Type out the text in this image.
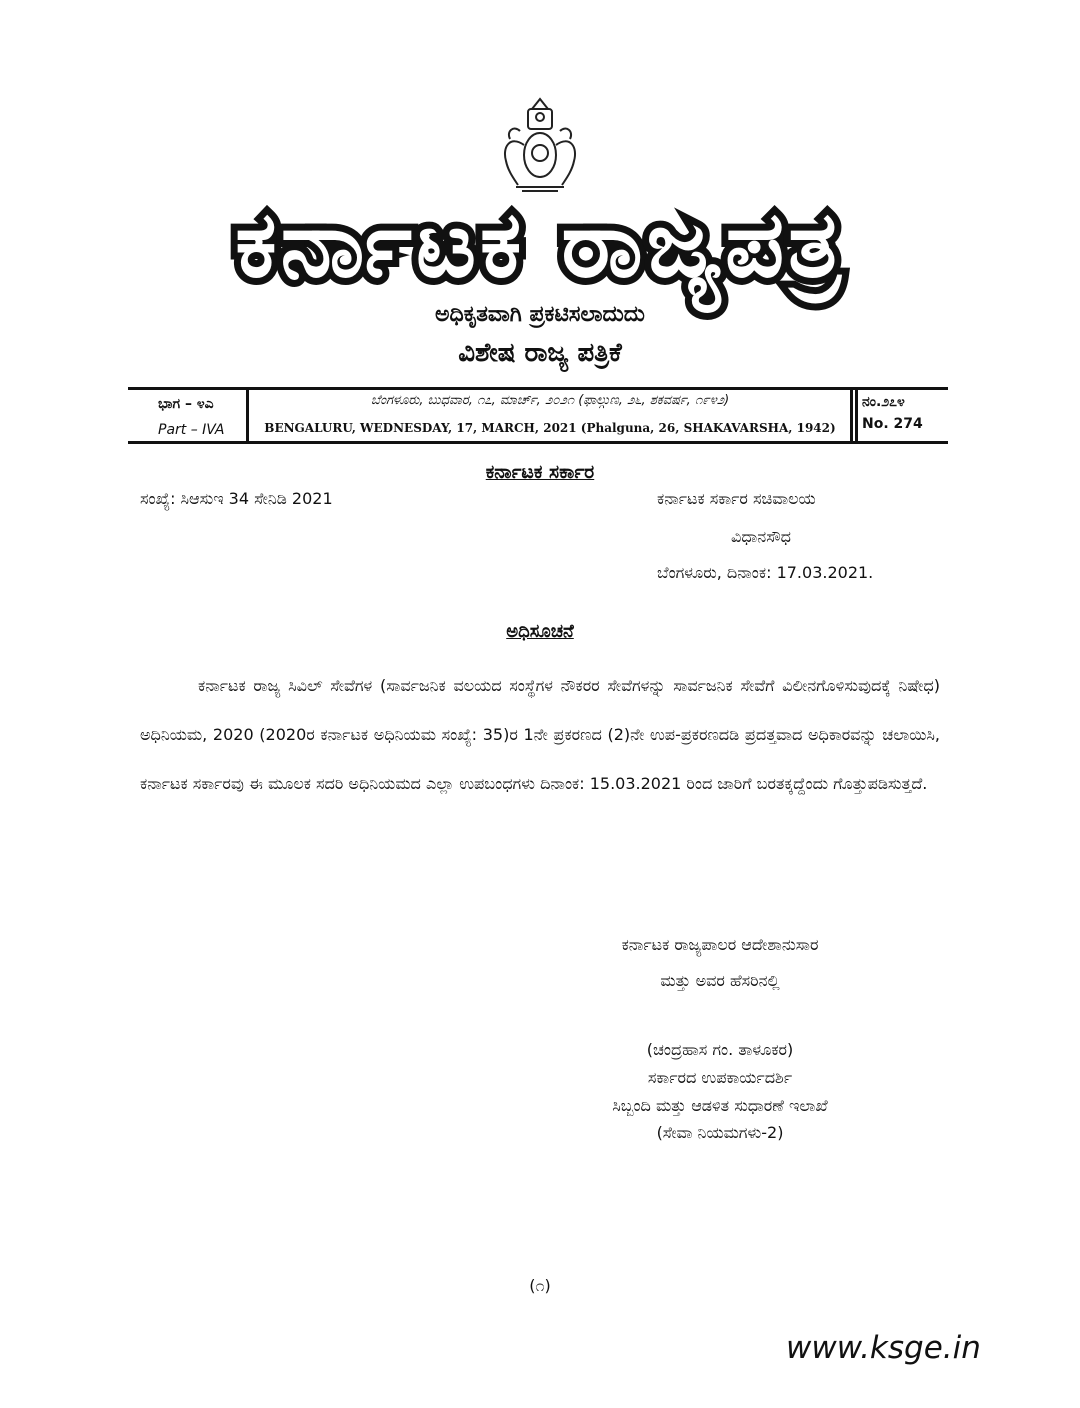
ಕರ್ನಾಟಕ ರಾಜ್ಯಪತ್ರ
ಅಧಿಕೃತವಾಗಿ ಪ್ರಕಟಿಸಲಾದುದು
ವಿಶೇಷ ರಾಜ್ಯ ಪತ್ರಿಕೆ
ಭಾಗ – ೪ಎ
Part – IVA
ಬೆಂಗಳೂರು, ಬುಧವಾರ, ೧೭, ಮಾರ್ಚ್, ೨೦೨೧ (ಫಾಲ್ಗುಣ, ೨೬, ಶಕವರ್ಷ, ೧೯೪೨)
BENGALURU, WEDNESDAY, 17, MARCH, 2021 (Phalguna, 26, SHAKAVARSHA, 1942)
ನಂ.೨೭೪
No. 274
ಕರ್ನಾಟಕ ಸರ್ಕಾರ
ಸಂಖ್ಯೆ: ಸಿಆಸುಇ 34 ಸೇನಿಡಿ 2021	ಕರ್ನಾಟಕ ಸರ್ಕಾರ ಸಚಿವಾಲಯ
ವಿಧಾನಸೌಧ
ಬೆಂಗಳೂರು, ದಿನಾಂಕ: 17.03.2021.
ಅಧಿಸೂಚನೆ
ಕರ್ನಾಟಕ ರಾಜ್ಯ ಸಿವಿಲ್ ಸೇವೆಗಳ (ಸಾರ್ವಜನಿಕ ವಲಯದ ಸಂಸ್ಥೆಗಳ ನೌಕರರ ಸೇವೆಗಳನ್ನು ಸಾರ್ವಜನಿಕ ಸೇವೆಗೆ ವಿಲೀನಗೊಳಿಸುವುದಕ್ಕೆ ನಿಷೇಧ) ಅಧಿನಿಯಮ, 2020 (2020ರ ಕರ್ನಾಟಕ ಅಧಿನಿಯಮ ಸಂಖ್ಯೆ: 35)ರ 1ನೇ ಪ್ರಕರಣದ (2)ನೇ ಉಪ-ಪ್ರಕರಣದಡಿ ಪ್ರದತ್ತವಾದ ಅಧಿಕಾರವನ್ನು ಚಲಾಯಿಸಿ, ಕರ್ನಾಟಕ ಸರ್ಕಾರವು ಈ ಮೂಲಕ ಸದರಿ ಅಧಿನಿಯಮದ ಎಲ್ಲಾ ಉಪಬಂಧಗಳು ದಿನಾಂಕ: 15.03.2021 ರಿಂದ ಜಾರಿಗೆ ಬರತಕ್ಕದ್ದೆಂದು ಗೊತ್ತುಪಡಿಸುತ್ತದೆ.
ಕರ್ನಾಟಕ ರಾಜ್ಯಪಾಲರ ಆದೇಶಾನುಸಾರ
ಮತ್ತು ಅವರ ಹೆಸರಿನಲ್ಲಿ
(ಚಂದ್ರಹಾಸ ಗಂ. ತಾಳೂಕರ)
ಸರ್ಕಾರದ ಉಪಕಾರ್ಯದರ್ಶಿ
ಸಿಬ್ಬಂದಿ ಮತ್ತು ಆಡಳಿತ ಸುಧಾರಣೆ ಇಲಾಖೆ
(ಸೇವಾ ನಿಯಮಗಳು-2)
(೧)
www.ksge.in
